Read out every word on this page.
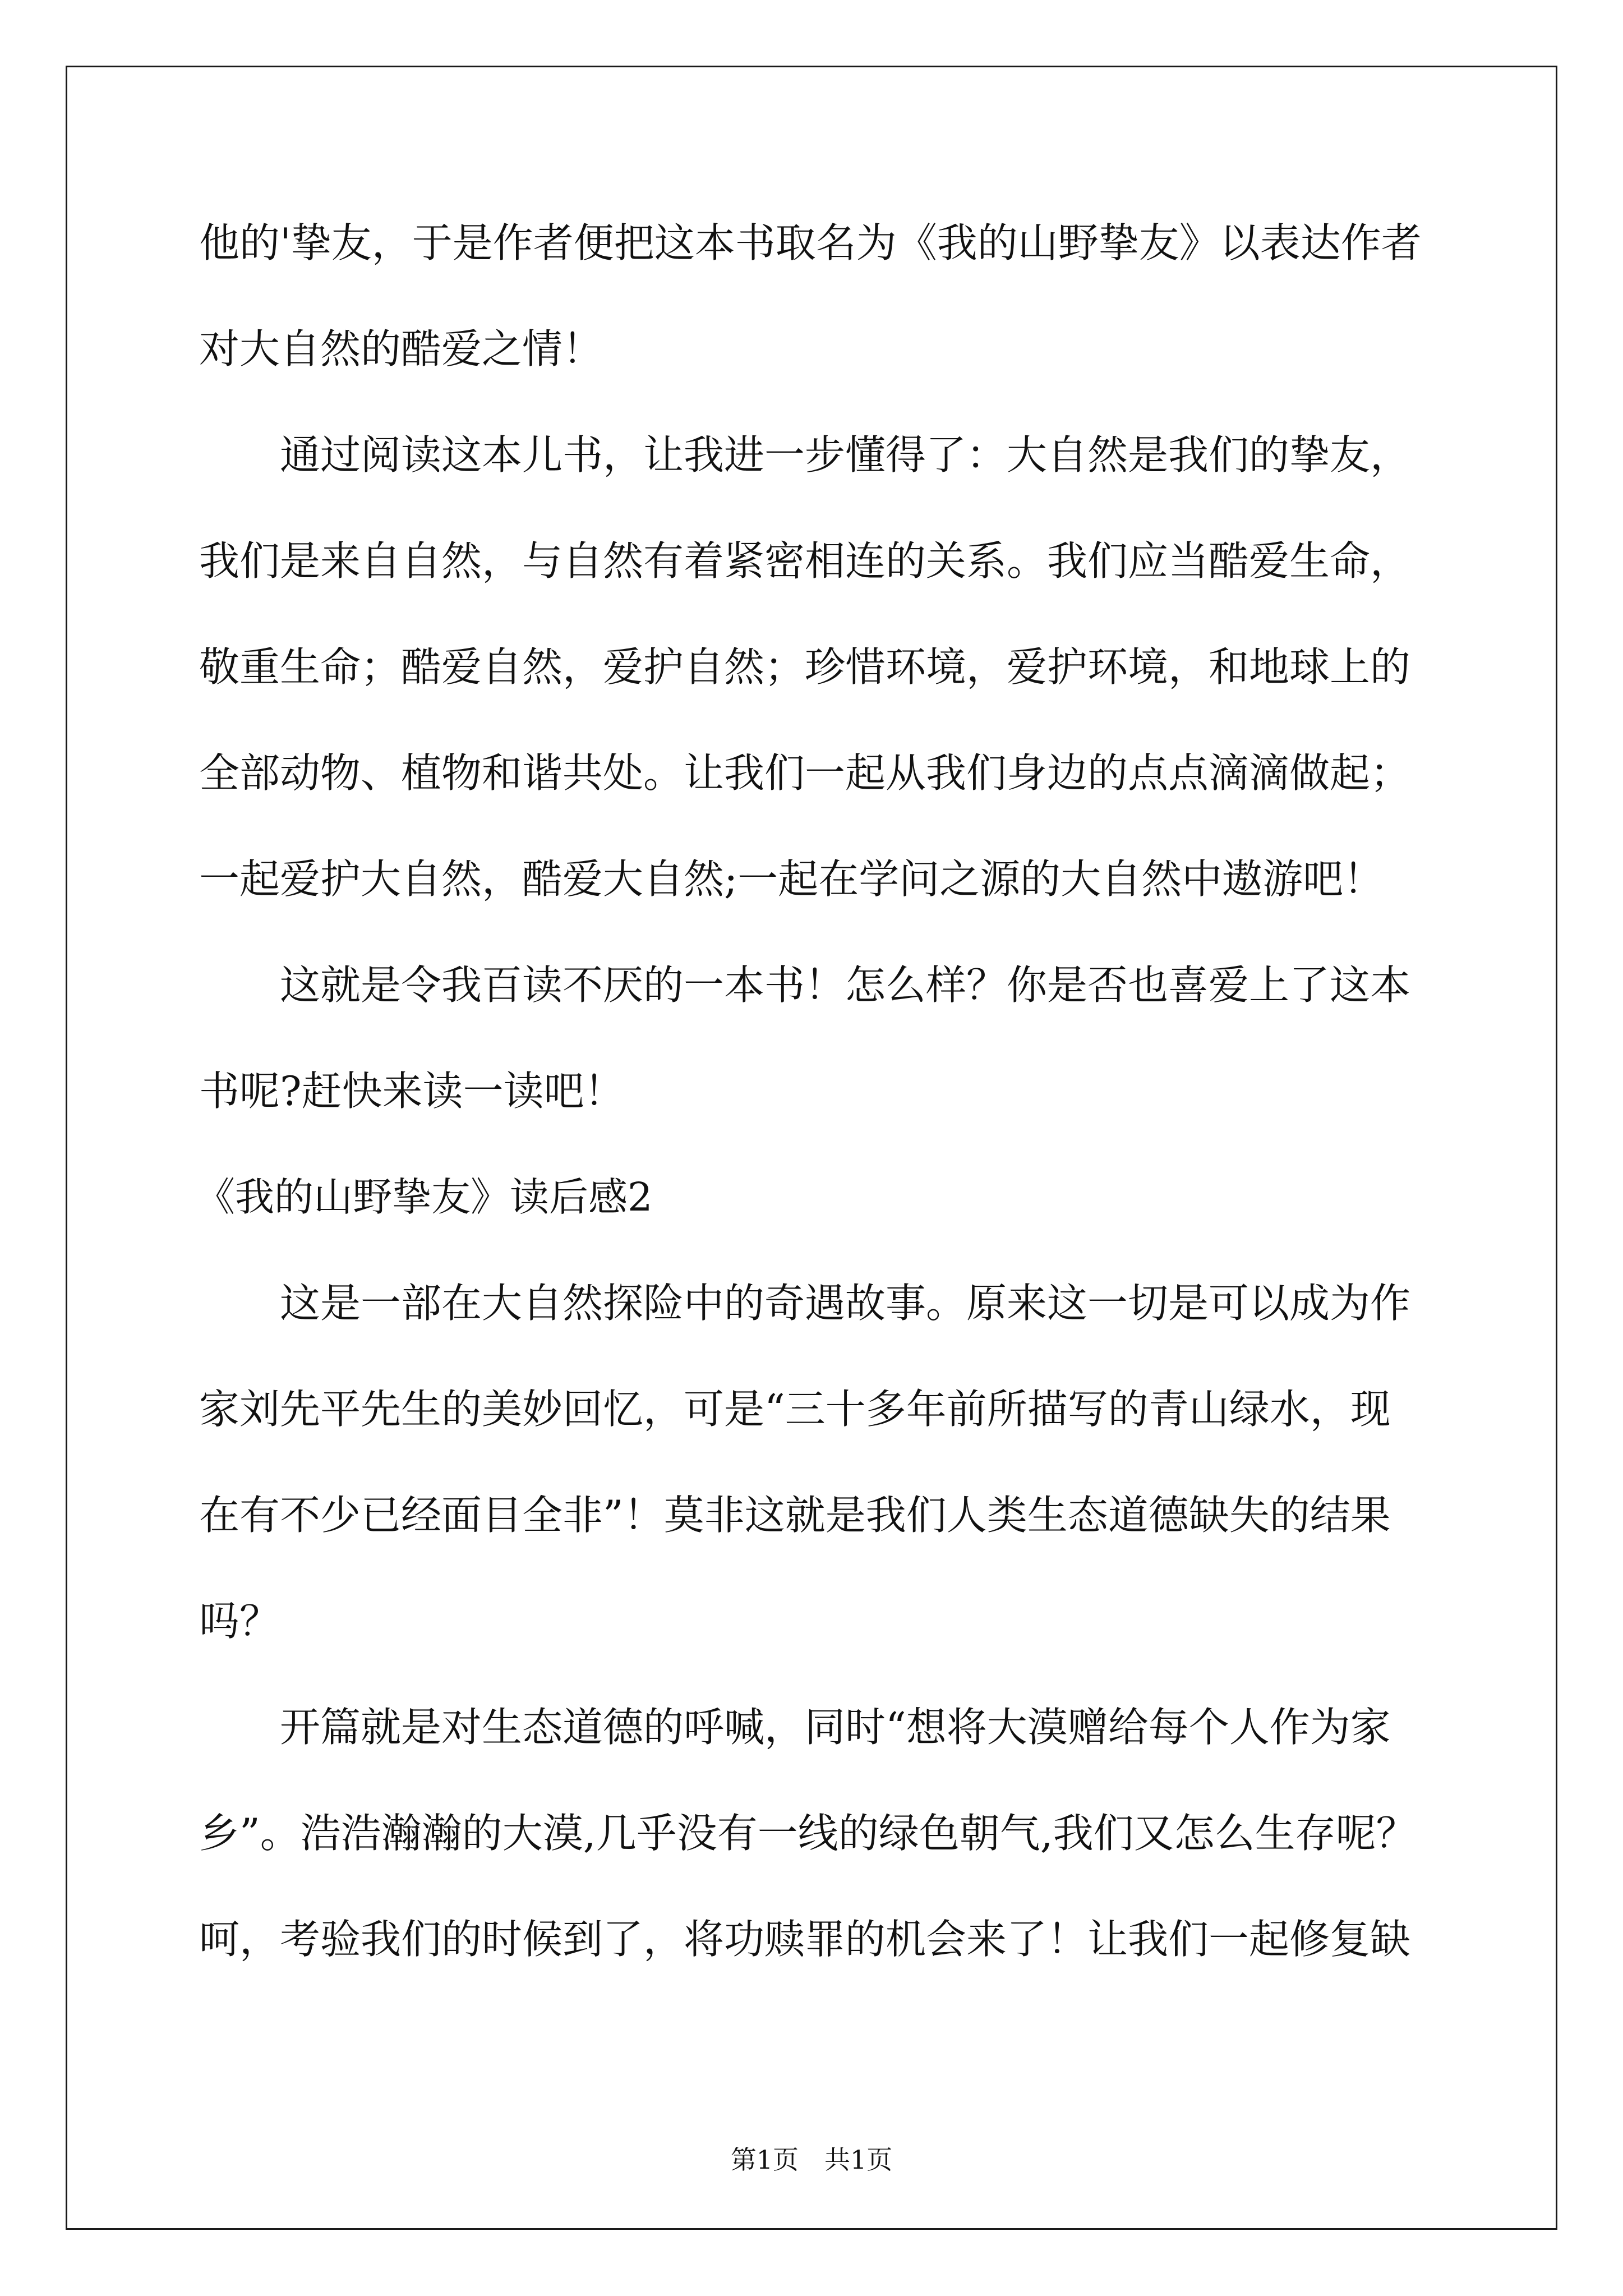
他的'挚友，于是作者便把这本书取名为《我的山野挚友》以表达作者
对大自然的酷爱之情！
通过阅读这本儿书，让我进一步懂得了：大自然是我们的挚友，
我们是来自自然，与自然有着紧密相连的关系。我们应当酷爱生命，
敬重生命；酷爱自然，爱护自然；珍惜环境，爱护环境，和地球上的
全部动物、植物和谐共处。让我们一起从我们身边的点点滴滴做起；
一起爱护大自然，酷爱大自然;一起在学问之源的大自然中遨游吧！
这就是令我百读不厌的一本书！怎么样？你是否也喜爱上了这本
书呢?赶快来读一读吧！
《我的山野挚友》读后感2
这是一部在大自然探险中的奇遇故事。原来这一切是可以成为作
家刘先平先生的美妙回忆，可是“三十多年前所描写的青山绿水，现
在有不少已经面目全非”！莫非这就是我们人类生态道德缺失的结果
吗？
开篇就是对生态道德的呼喊，同时“想将大漠赠给每个人作为家
乡”。浩浩瀚瀚的大漠,几乎没有一线的绿色朝气,我们又怎么生存呢？
呵，考验我们的时候到了，将功赎罪的机会来了！让我们一起修复缺
第1页　共1页
